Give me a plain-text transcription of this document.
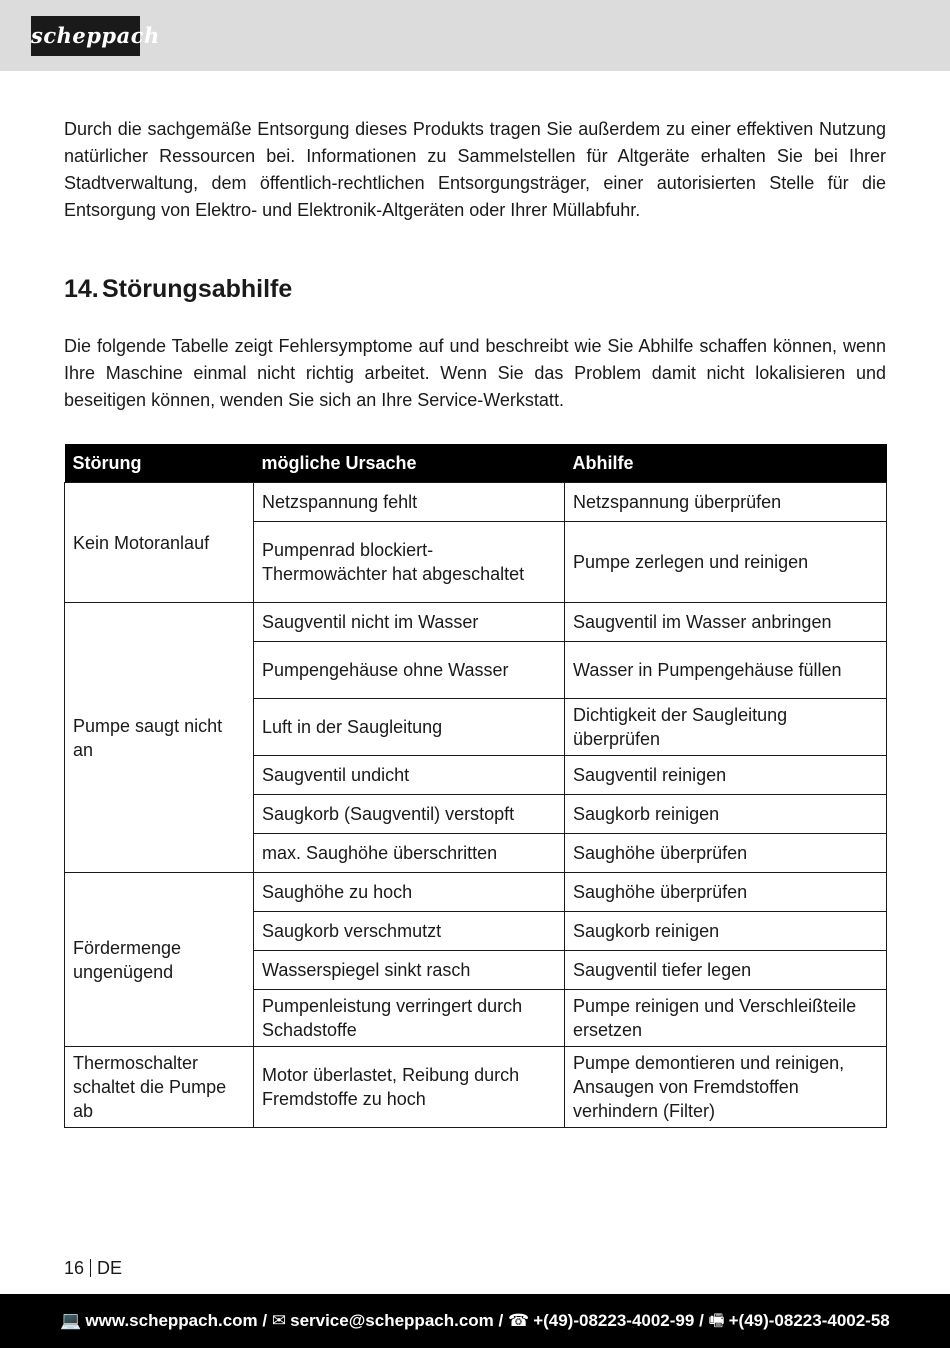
scheppach

Durch die sachgemäße Entsorgung dieses Produkts tragen Sie außerdem zu einer effektiven Nutzung natürlicher Ressourcen bei. Informationen zu Sammelstellen für Altgeräte erhalten Sie bei Ihrer Stadtverwaltung, dem öffentlich-rechtlichen Entsorgungsträger, einer autorisierten Stelle für die Entsorgung von Elektro- und Elektronik-Altgeräten oder Ihrer Müllabfuhr.

14. Störungsabhilfe

Die folgende Tabelle zeigt Fehlersymptome auf und beschreibt wie Sie Abhilfe schaffen können, wenn Ihre Maschine einmal nicht richtig arbeitet. Wenn Sie das Problem damit nicht lokalisieren und beseitigen können, wenden Sie sich an Ihre Service-Werkstatt.

Störung	mögliche Ursache	Abhilfe
Kein Motoranlauf	Netzspannung fehlt	Netzspannung überprüfen
	Pumpenrad blockiert-Thermowächter hat abgeschaltet	Pumpe zerlegen und reinigen
Pumpe saugt nicht an	Saugventil nicht im Wasser	Saugventil im Wasser anbringen
	Pumpengehäuse ohne Wasser	Wasser in Pumpengehäuse füllen
	Luft in der Saugleitung	Dichtigkeit der Saugleitung überprüfen
	Saugventil undicht	Saugventil reinigen
	Saugkorb (Saugventil) verstopft	Saugkorb reinigen
	max. Saughöhe überschritten	Saughöhe überprüfen
Fördermenge ungenügend	Saughöhe zu hoch	Saughöhe überprüfen
	Saugkorb verschmutzt	Saugkorb reinigen
	Wasserspiegel sinkt rasch	Saugventil tiefer legen
	Pumpenleistung verringert durch Schadstoffe	Pumpe reinigen und Verschleißteile ersetzen
Thermoschalter schaltet die Pumpe ab	Motor überlastet, Reibung durch Fremdstoffe zu hoch	Pumpe demontieren und reinigen, Ansaugen von Fremdstoffen verhindern (Filter)
16 DE
💻 www.scheppach.com / ✉ service@scheppach.com / ☎ +(49)-08223-4002-99 / 🖷 +(49)-08223-4002-58
